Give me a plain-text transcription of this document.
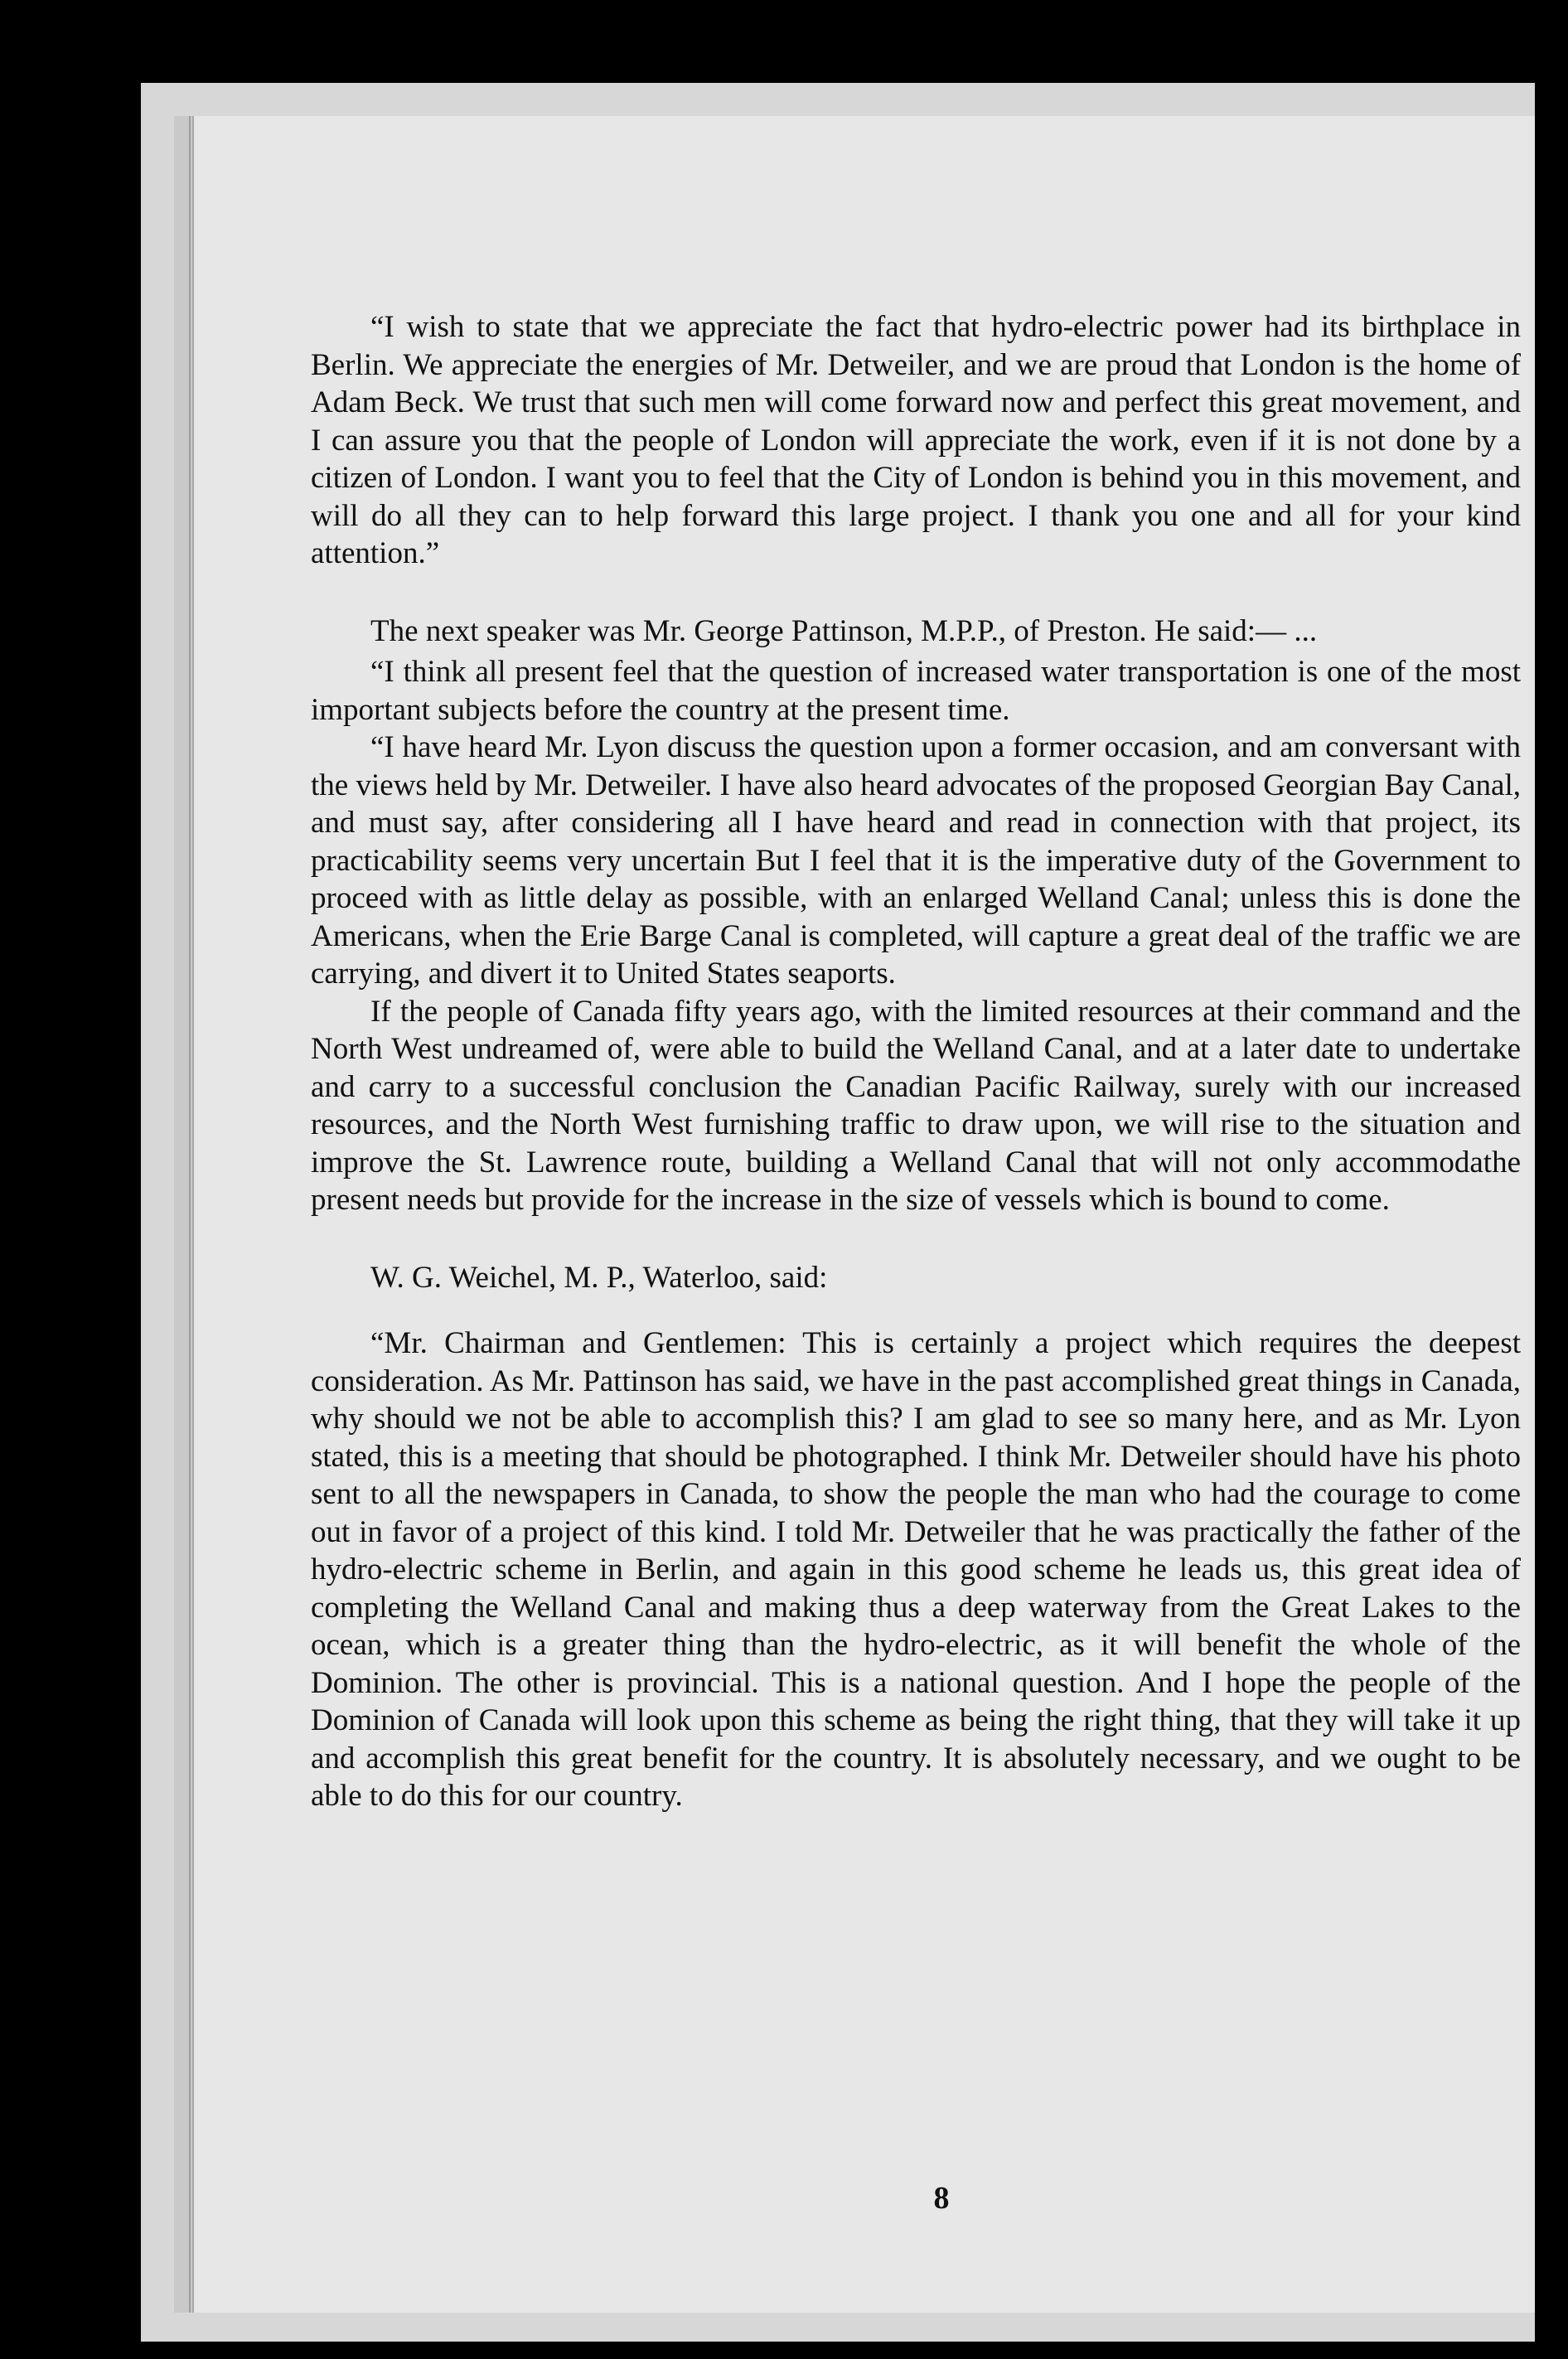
“I wish to state that we appreciate the fact that hydro-electric power had its birthplace in Berlin. We appreciate the energies of Mr. Detweiler, and we are proud that London is the home of Adam Beck. We trust that such men will come forward now and perfect this great movement, and I can assure you that the people of London will appreciate the work, even if it is not done by a citizen of London. I want you to feel that the City of London is behind you in this movement, and will do all they can to help forward this large project. I thank you one and all for your kind attention.”

The next speaker was Mr. George Pattinson, M.P.P., of Preston. He said:— ...

“I think all present feel that the question of increased water transportation is one of the most important subjects before the country at the present time.

“I have heard Mr. Lyon discuss the question upon a former occasion, and am conversant with the views held by Mr. Detweiler. I have also heard advocates of the proposed Georgian Bay Canal, and must say, after considering all I have heard and read in connection with that project, its practicability seems very uncertain But I feel that it is the imperative duty of the Government to proceed with as little delay as possible, with an enlarged Welland Canal; unless this is done the Americans, when the Erie Barge Canal is completed, will capture a great deal of the traffic we are carrying, and divert it to United States seaports.

If the people of Canada fifty years ago, with the limited resources at their command and the North West undreamed of, were able to build the Welland Canal, and at a later date to undertake and carry to a successful conclusion the Canadian Pacific Railway, surely with our increased resources, and the North West furnishing traffic to draw upon, we will rise to the situation and improve the St. Lawrence route, building a Welland Canal that will not only accommodathe present needs but provide for the increase in the size of vessels which is bound to come.

W. G. Weichel, M. P., Waterloo, said:

“Mr. Chairman and Gentlemen: This is certainly a project which requires the deepest consideration. As Mr. Pattinson has said, we have in the past accomplished great things in Canada, why should we not be able to accomplish this? I am glad to see so many here, and as Mr. Lyon stated, this is a meeting that should be photographed. I think Mr. Detweiler should have his photo sent to all the newspapers in Canada, to show the people the man who had the courage to come out in favor of a project of this kind. I told Mr. Detweiler that he was practically the father of the hydro-electric scheme in Berlin, and again in this good scheme he leads us, this great idea of completing the Welland Canal and making thus a deep waterway from the Great Lakes to the ocean, which is a greater thing than the hydro-electric, as it will benefit the whole of the Dominion. The other is provincial. This is a national question. And I hope the people of the Dominion of Canada will look upon this scheme as being the right thing, that they will take it up and accomplish this great benefit for the country. It is absolutely necessary, and we ought to be able to do this for our country.

8
